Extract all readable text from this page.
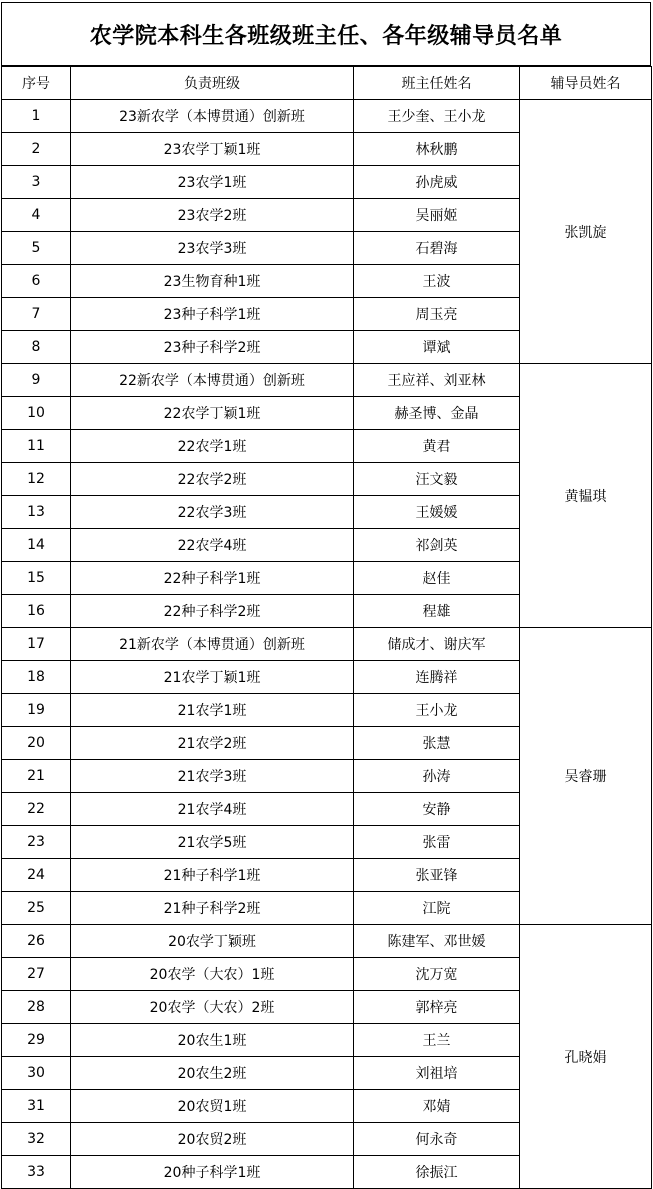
农学院本科生各班级班主任、各年级辅导员名单
序号	负责班级	班主任姓名	辅导员姓名
1	23新农学（本博贯通）创新班	王少奎、王小龙	张凯旋
2	23农学丁颖1班	林秋鹏	
3	23农学1班	孙虎威	
4	23农学2班	吴丽姬	
5	23农学3班	石碧海	
6	23生物育种1班	王波	
7	23种子科学1班	周玉亮	
8	23种子科学2班	谭斌	
9	22新农学（本博贯通）创新班	王应祥、刘亚林	黄韫琪
10	22农学丁颖1班	赫圣博、金晶	
11	22农学1班	黄君	
12	22农学2班	汪文毅	
13	22农学3班	王媛媛	
14	22农学4班	祁剑英	
15	22种子科学1班	赵佳	
16	22种子科学2班	程雄	
17	21新农学（本博贯通）创新班	储成才、谢庆军	吴睿珊
18	21农学丁颖1班	连腾祥	
19	21农学1班	王小龙	
20	21农学2班	张慧	
21	21农学3班	孙涛	
22	21农学4班	安静	
23	21农学5班	张雷	
24	21种子科学1班	张亚锋	
25	21种子科学2班	江院	
26	20农学丁颖班	陈建军、邓世媛	孔晓娟
27	20农学（大农）1班	沈万宽	
28	20农学（大农）2班	郭梓亮	
29	20农生1班	王兰	
30	20农生2班	刘祖培	
31	20农贸1班	邓婧	
32	20农贸2班	何永奇	
33	20种子科学1班	徐振江	
